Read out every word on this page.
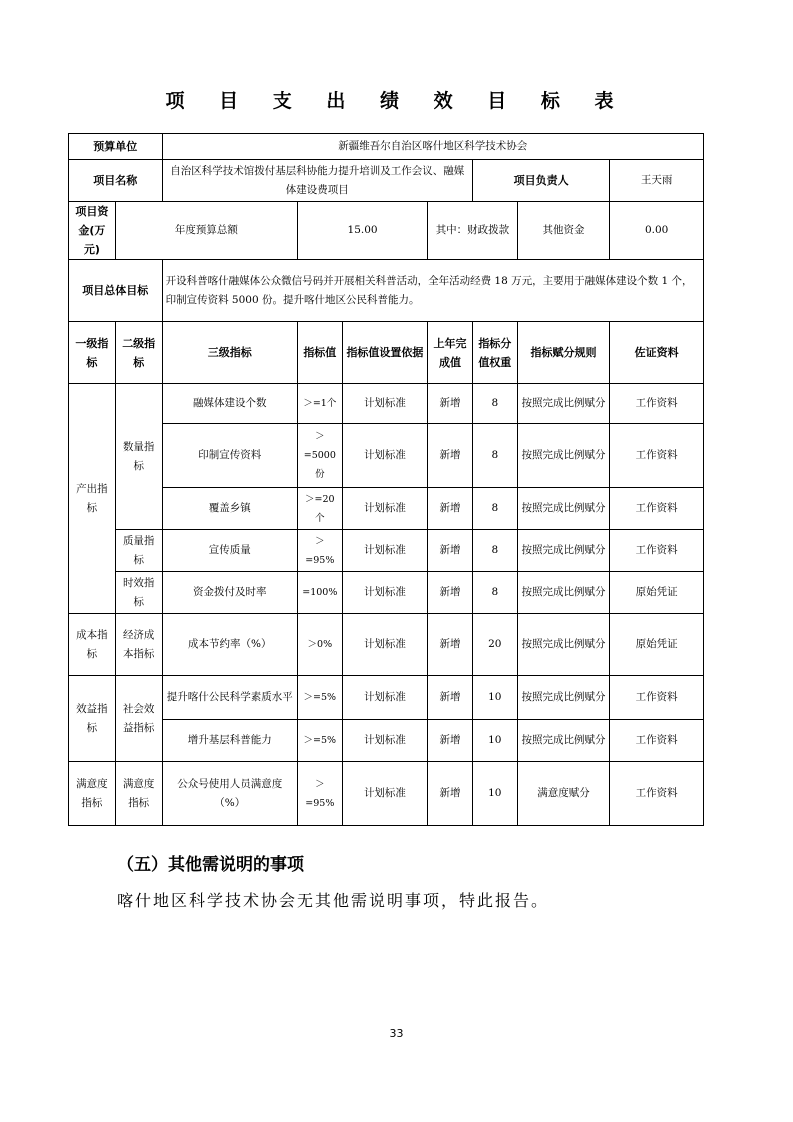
项 目 支 出 绩 效 目 标 表
预算单位		新疆维吾尔自治区喀什地区科学技术协会						
项目名称		自治区科学技术馆拨付基层科协能力提升培训及工作会议、融媒体建设费项目				项目负责人		王天雨
项目资金(万元)	年度预算总额		15.00		其中：财政拨款		其他资金	0.00
项目总体目标		开设科普喀什融媒体公众微信号码并开展相关科普活动，全年活动经费 18 万元，主要用于融媒体建设个数 1 个，印制宣传资料 5000 份。提升喀什地区公民科普能力。						
一级指标	二级指标	三级指标	指标值	指标值设置依据	上年完成值	指标分值权重	指标赋分规则	佐证资料
产出指标	数量指标	融媒体建设个数	＞=1个	计划标准	新增	8	按照完成比例赋分	工作资料
		印制宣传资料	＞=5000份	计划标准	新增	8	按照完成比例赋分	工作资料
		覆盖乡镇	＞=20个	计划标准	新增	8	按照完成比例赋分	工作资料
	质量指标	宣传质量	＞=95%	计划标准	新增	8	按照完成比例赋分	工作资料
	时效指标	资金拨付及时率	=100%	计划标准	新增	8	按照完成比例赋分	原始凭证
成本指标	经济成本指标	成本节约率（%）	＞0%	计划标准	新增	20	按照完成比例赋分	原始凭证
效益指标	社会效益指标	提升喀什公民科学素质水平	＞=5%	计划标准	新增	10	按照完成比例赋分	工作资料
		增升基层科普能力	＞=5%	计划标准	新增	10	按照完成比例赋分	工作资料
满意度指标	满意度指标	公众号使用人员满意度（%）	＞=95%	计划标准	新增	10	满意度赋分	工作资料
（五）其他需说明的事项
喀什地区科学技术协会无其他需说明事项，特此报告。
33
